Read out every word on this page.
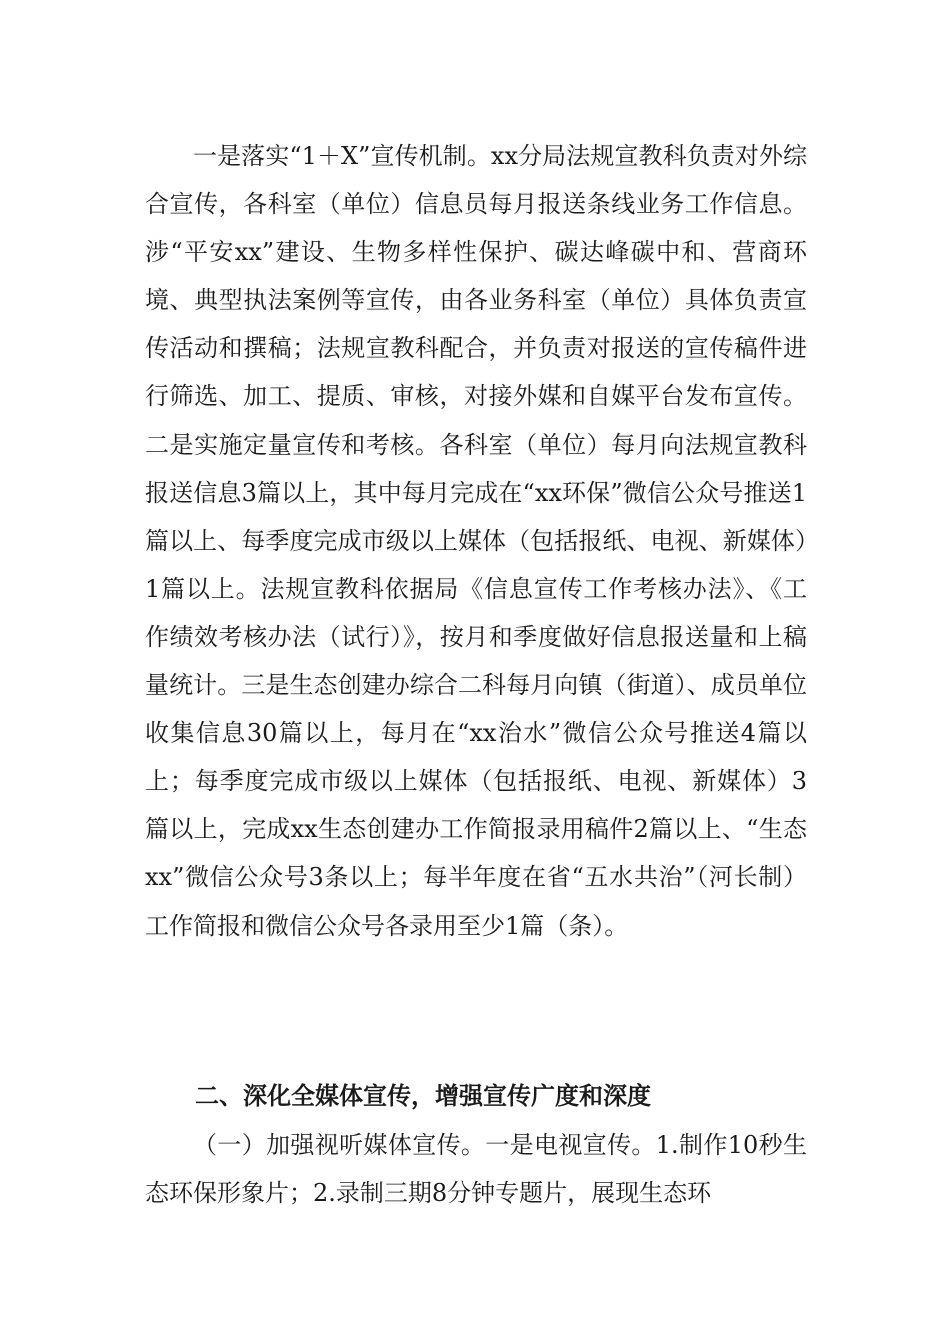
一是落实“1＋X”宣传机制。xx分局法规宣教科负责对外综合宣传，各科室（单位）信息员每月报送条线业务工作信息。涉“平安xx”建设、生物多样性保护、碳达峰碳中和、营商环境、典型执法案例等宣传，由各业务科室（单位）具体负责宣传活动和撰稿；法规宣教科配合，并负责对报送的宣传稿件进行筛选、加工、提质、审核，对接外媒和自媒平台发布宣传。二是实施定量宣传和考核。各科室（单位）每月向法规宣教科报送信息3篇以上，其中每月完成在“xx环保”微信公众号推送1篇以上、每季度完成市级以上媒体（包括报纸、电视、新媒体）1篇以上。法规宣教科依据局《信息宣传工作考核办法》、《工作绩效考核办法（试行）》，按月和季度做好信息报送量和上稿量统计。三是生态创建办综合二科每月向镇（街道）、成员单位收集信息30篇以上，每月在“xx治水”微信公众号推送4篇以上；每季度完成市级以上媒体（包括报纸、电视、新媒体）3篇以上，完成xx生态创建办工作简报录用稿件2篇以上、“生态xx”微信公众号3条以上；每半年度在省“五水共治”（河长制）工作简报和微信公众号各录用至少1篇（条）。

二、深化全媒体宣传，增强宣传广度和深度

（一）加强视听媒体宣传。一是电视宣传。1.制作10秒生态环保形象片；2.录制三期8分钟专题片，展现生态环
